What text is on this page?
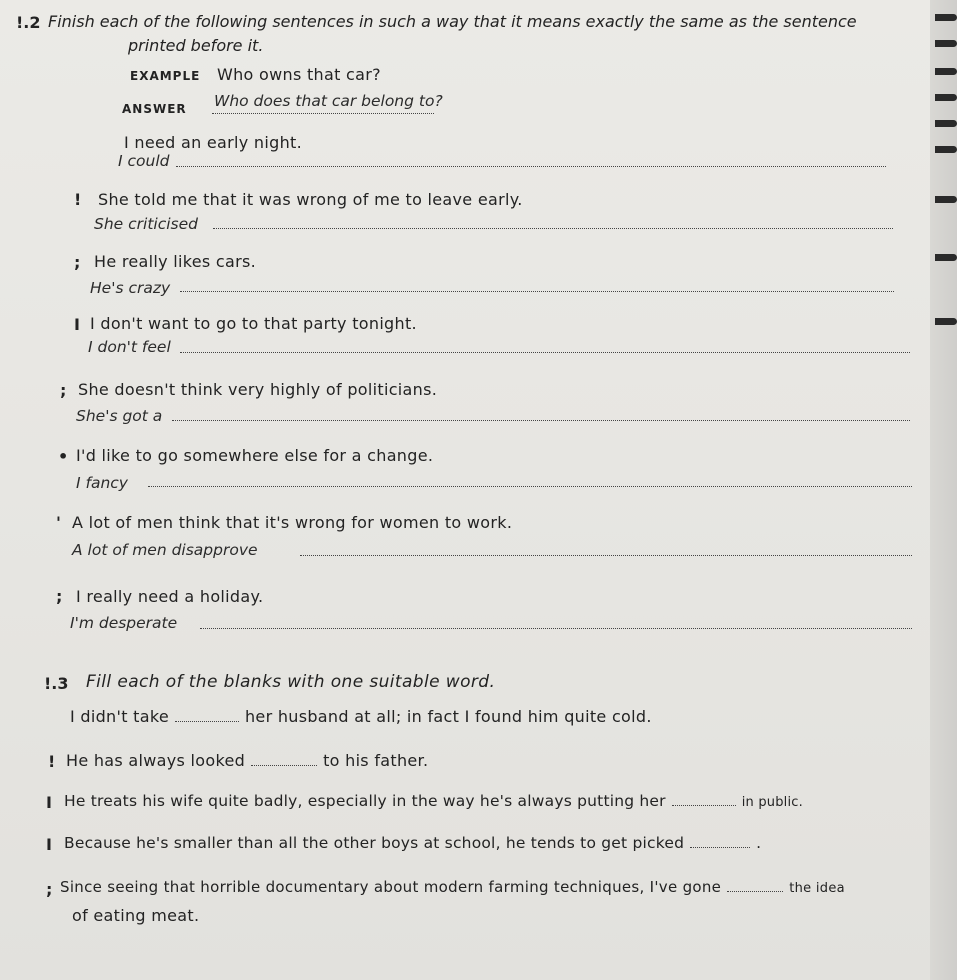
!.2 Finish each of the following sentences in such a way that it means exactly the same as the sentence
printed before it.
EXAMPLE Who owns that car?
ANSWER Who does that car belong to?
I need an early night.
I could
! She told me that it was wrong of me to leave early.
She criticised
; He really likes cars.
He's crazy
I I don't want to go to that party tonight.
I don't feel
; She doesn't think very highly of politicians.
She's got a
• I'd like to go somewhere else for a change.
I fancy
' A lot of men think that it's wrong for women to work.
A lot of men disapprove
; I really need a holiday.
I'm desperate
!.3 Fill each of the blanks with one suitable word.
I didn't take	her husband at all; in fact I found him quite cold.
! He has always looked	to his father.
I He treats his wife quite badly, especially in the way he's always putting her	in public.
I Because he's smaller than all the other boys at school, he tends to get picked	.
; Since seeing that horrible documentary about modern farming techniques, I've gone	the idea
of eating meat.
